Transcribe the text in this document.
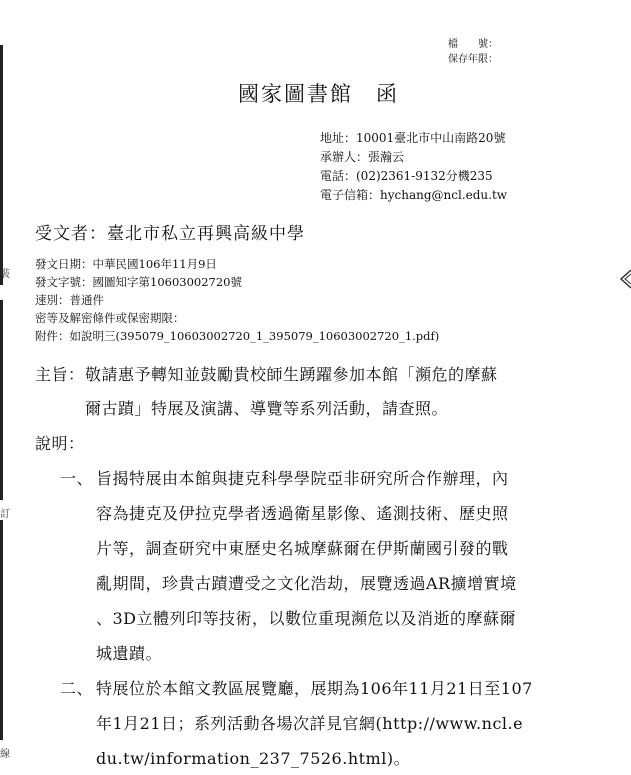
裝
訂
線
檔　　號：
保存年限：
國家圖書館　函
地址：10001臺北市中山南路20號
承辦人：張瀚云
電話：(02)2361-9132分機235
電子信箱：hychang@ncl.edu.tw
受文者：臺北市私立再興高級中學
發文日期：中華民國106年11月9日
發文字號：國圖知字第10603002720號
速別：普通件
密等及解密條件或保密期限：
附件：如說明三(395079_10603002720_1_395079_10603002720_1.pdf)
主旨： 敬請惠予轉知並鼓勵貴校師生踴躍參加本館「瀕危的摩蘇
爾古蹟」特展及演講、導覽等系列活動，請查照。
說明：
一、 旨揭特展由本館與捷克科學學院亞非研究所合作辦理，內
容為捷克及伊拉克學者透過衛星影像、遙測技術、歷史照
片等，調查研究中東歷史名城摩蘇爾在伊斯蘭國引發的戰
亂期間，珍貴古蹟遭受之文化浩劫，展覽透過AR擴增實境
、3D立體列印等技術，以數位重現瀕危以及消逝的摩蘇爾
城遺蹟。
二、 特展位於本館文教區展覽廳，展期為106年11月21日至107
年1月21日；系列活動各場次詳見官網(http://www.ncl.e
du.tw/information_237_7526.html)。
